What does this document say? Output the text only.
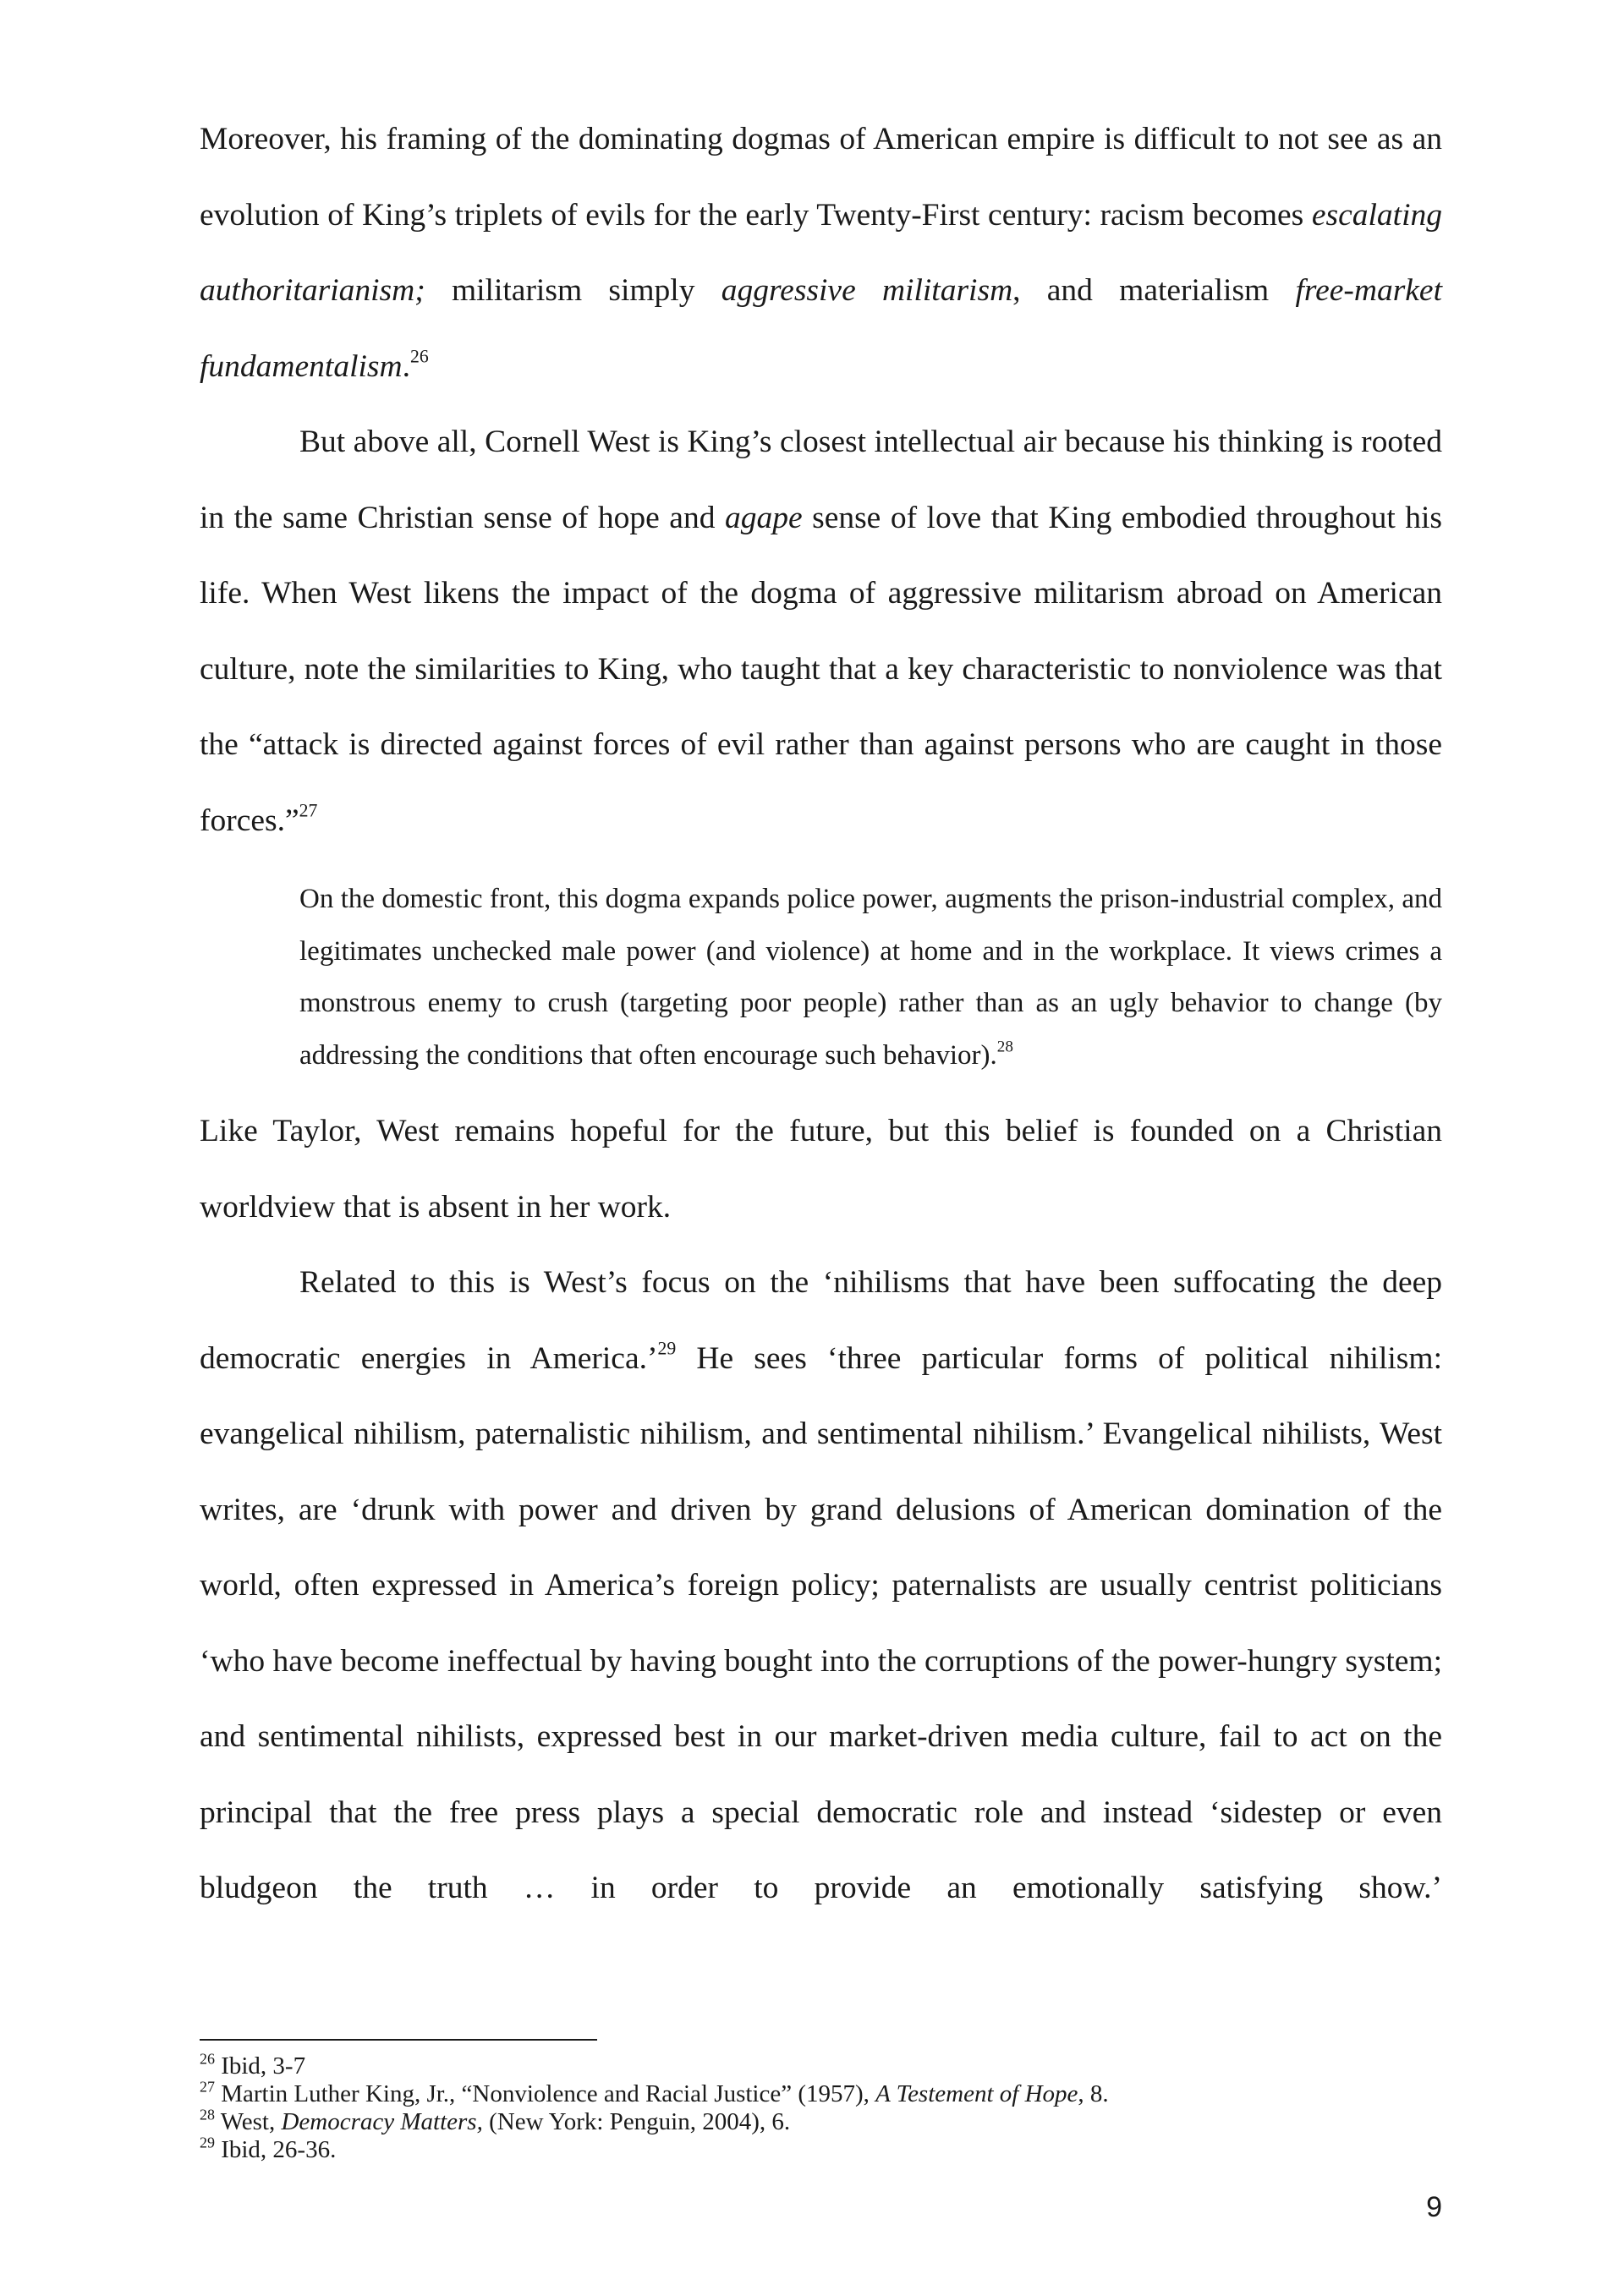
Moreover, his framing of the dominating dogmas of American empire is difficult to not see as an evolution of King’s triplets of evils for the early Twenty-First century: racism becomes escalating authoritarianism; militarism simply aggressive militarism, and materialism free-market fundamentalism.$^{26}$

But above all, Cornell West is King’s closest intellectual air because his thinking is rooted in the same Christian sense of hope and agape sense of love that King embodied throughout his life. When West likens the impact of the dogma of aggressive militarism abroad on American culture, note the similarities to King, who taught that a key characteristic to nonviolence was that the “attack is directed against forces of evil rather than against persons who are caught in those forces.”$^{27}$

On the domestic front, this dogma expands police power, augments the prison-industrial complex, and legitimates unchecked male power (and violence) at home and in the workplace. It views crimes a monstrous enemy to crush (targeting poor people) rather than as an ugly behavior to change (by addressing the conditions that often encourage such behavior).$^{28}$

Like Taylor, West remains hopeful for the future, but this belief is founded on a Christian worldview that is absent in her work.

Related to this is West’s focus on the ‘nihilisms that have been suffocating the deep democratic energies in America.’$^{29}$ He sees ‘three particular forms of political nihilism: evangelical nihilism, paternalistic nihilism, and sentimental nihilism.’ Evangelical nihilists, West writes, are ‘drunk with power and driven by grand delusions of American domination of the world, often expressed in America’s foreign policy; paternalists are usually centrist politicians ‘who have become ineffectual by having bought into the corruptions of the power-hungry system; and sentimental nihilists, expressed best in our market-driven media culture, fail to act on the principal that the free press plays a special democratic role and instead ‘sidestep or even bludgeon the truth … in order to provide an emotionally satisfying show.’

$^{26}$ Ibid, 3-7

$^{27}$ Martin Luther King, Jr., “Nonviolence and Racial Justice” (1957), A Testement of Hope, 8.

$^{28}$ West, Democracy Matters, (New York: Penguin, 2004), 6.

$^{29}$ Ibid, 26-36.

9
